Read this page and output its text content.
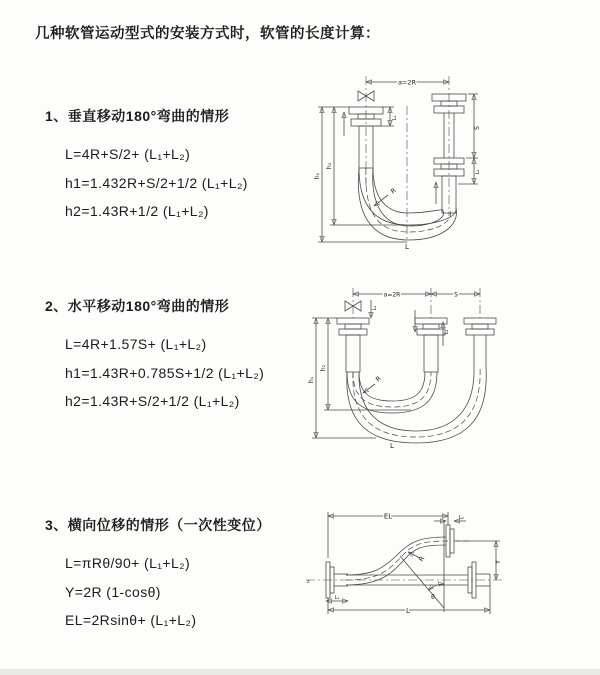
几种软管运动型式的安装方式时，软管的长度计算：
1、垂直移动180°弯曲的情形
L=4R+S/2+ (L₁+L₂)
h1=1.432R+S/2+1/2 (L₁+L₂)
h2=1.43R+1/2 (L₁+L₂)
2、水平移动180°弯曲的情形
L=4R+1.57S+ (L₁+L₂)
h1=1.43R+0.785S+1/2 (L₁+L₂)
h2=1.43R+S/2+1/2 (L₁+L₂)
3、横向位移的情形（一次性变位）
L=πRθ/90+ (L₁+L₂)
Y=2R (1-cosθ)
EL=2Rsinθ+ (L₁+L₂)
a=2R
h₁
h₂
L₁
S
L₂
R
L
a=2R	S
h₁
h₂
L₁
L₂
R
L
EL	L₂
Y
L
L₁
R
θ
z
